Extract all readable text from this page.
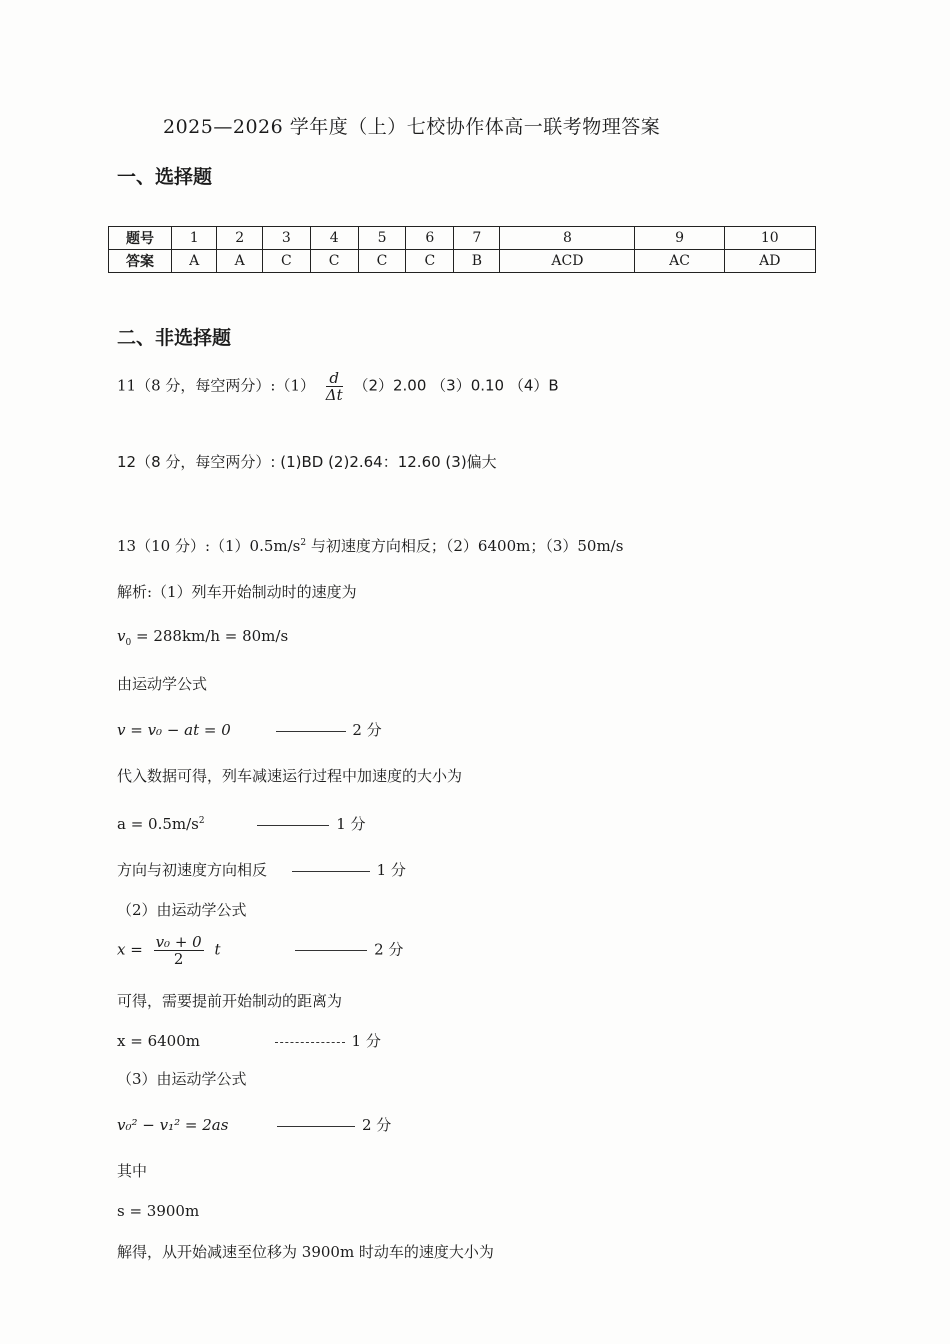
2025—2026 学年度（上）七校协作体高一联考物理答案
一、选择题
题号	1	2	3	4	5	6	7	8	9	10
答案	A	A	C	C	C	C	B	ACD	AC	AD
二、非选择题
11（8 分，每空两分）:（1） $\frac{d}{\Delta t} (2)2.00$ （3）0.10 （4）B
12（8 分，每空两分）: (1)BD (2)2.64：12.60 (3)偏大
13（10 分）$:(1)0.5m/s^2$ 与初速度方向相反；（2）6400m；（3）50m/s
解析:（1）列车开始制动时的速度为
$v_0 = 288km/h = 80m/s$
由运动学公式
v = v₀ − at = 0	2 分
代入数据可得，列车减速运行过程中加速度的大小为
$a = 0.5m/s^2$	1 分
方向与初速度方向相反	1 分
（2）由运动学公式
$x = \frac{\text{v₀ + 0}}{2}$ t	2 分
可得，需要提前开始制动的距离为
x = 6400m	1 分
（3）由运动学公式
v₀² − v₁² = 2as	2 分
其中
s = 3900m
解得，从开始减速至位移为 3900m 时动车的速度大小为
